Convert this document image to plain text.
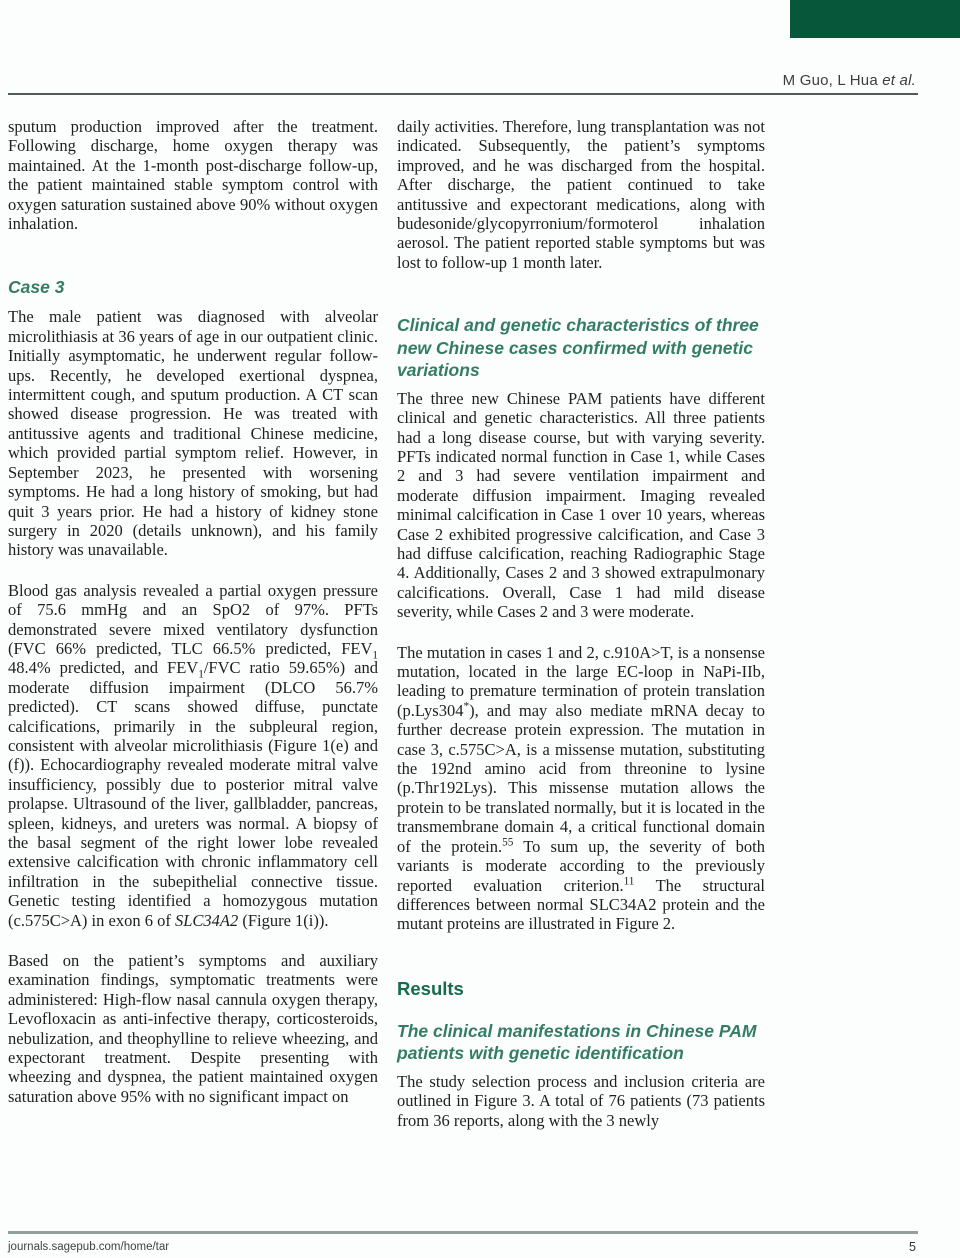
M Guo, L Hua et al.

sputum production improved after the treatment. Following discharge, home oxygen therapy was maintained. At the 1-month post-discharge follow-up, the patient maintained stable symptom control with oxygen saturation sustained above 90% without oxygen inhalation.

Case 3

The male patient was diagnosed with alveolar microlithiasis at 36 years of age in our outpatient clinic. Initially asymptomatic, he underwent regular follow-ups. Recently, he developed exertional dyspnea, intermittent cough, and sputum production. A CT scan showed disease progression. He was treated with antitussive agents and traditional Chinese medicine, which provided partial symptom relief. However, in September 2023, he presented with worsening symptoms. He had a long history of smoking, but had quit 3 years prior. He had a history of kidney stone surgery in 2020 (details unknown), and his family history was unavailable.

Blood gas analysis revealed a partial oxygen pressure of 75.6 mmHg and an SpO2 of 97%. PFTs demonstrated severe mixed ventilatory dysfunction (FVC 66% predicted, TLC 66.5% predicted, $FEV_1$ 48.4% predicted, and $FEV_1$/FVC ratio 59.65%) and moderate diffusion impairment (DLCO 56.7% predicted). CT scans showed diffuse, punctate calcifications, primarily in the subpleural region, consistent with alveolar microlithiasis (Figure 1(e) and (f)). Echocardiography revealed moderate mitral valve insufficiency, possibly due to posterior mitral valve prolapse. Ultrasound of the liver, gallbladder, pancreas, spleen, kidneys, and ureters was normal. A biopsy of the basal segment of the right lower lobe revealed extensive calcification with chronic inflammatory cell infiltration in the subepithelial connective tissue. Genetic testing identified a homozygous mutation (c.575C>A) in exon 6 of SLC34A2 (Figure 1(i)).

Based on the patient’s symptoms and auxiliary examination findings, symptomatic treatments were administered: High-flow nasal cannula oxygen therapy, Levofloxacin as anti-infective therapy, corticosteroids, nebulization, and theophylline to relieve wheezing, and expectorant treatment. Despite presenting with wheezing and dyspnea, the patient maintained oxygen saturation above 95% with no significant impact on

daily activities. Therefore, lung transplantation was not indicated. Subsequently, the patient’s symptoms improved, and he was discharged from the hospital. After discharge, the patient continued to take antitussive and expectorant medications, along with budesonide/glycopyrronium/formoterol inhalation aerosol. The patient reported stable symptoms but was lost to follow-up 1 month later.

Clinical and genetic characteristics of three new Chinese cases confirmed with genetic variations

The three new Chinese PAM patients have different clinical and genetic characteristics. All three patients had a long disease course, but with varying severity. PFTs indicated normal function in Case 1, while Cases 2 and 3 had severe ventilation impairment and moderate diffusion impairment. Imaging revealed minimal calcification in Case 1 over 10 years, whereas Case 2 exhibited progressive calcification, and Case 3 had diffuse calcification, reaching Radiographic Stage 4. Additionally, Cases 2 and 3 showed extrapulmonary calcifications. Overall, Case 1 had mild disease severity, while Cases 2 and 3 were moderate.

The mutation in cases 1 and 2, c.910A>T, is a nonsense mutation, located in the large EC-loop in NaPi-IIb, leading to premature termination of protein translation (p.Lys304*), and may also mediate mRNA decay to further decrease protein expression. The mutation in case 3, c.575C>A, is a missense mutation, substituting the 192nd amino acid from threonine to lysine (p.Thr192Lys). This missense mutation allows the protein to be translated normally, but it is located in the transmembrane domain 4, a critical functional domain of the protein.$^{55}$ To sum up, the severity of both variants is moderate according to the previously reported evaluation criterion.$^{11}$ The structural differences between normal SLC34A2 protein and the mutant proteins are illustrated in Figure 2.

Results
The clinical manifestations in Chinese PAM patients with genetic identification

The study selection process and inclusion criteria are outlined in Figure 3. A total of 76 patients (73 patients from 36 reports, along with the 3 newly

journals.sagepub.com/home/tar	5
